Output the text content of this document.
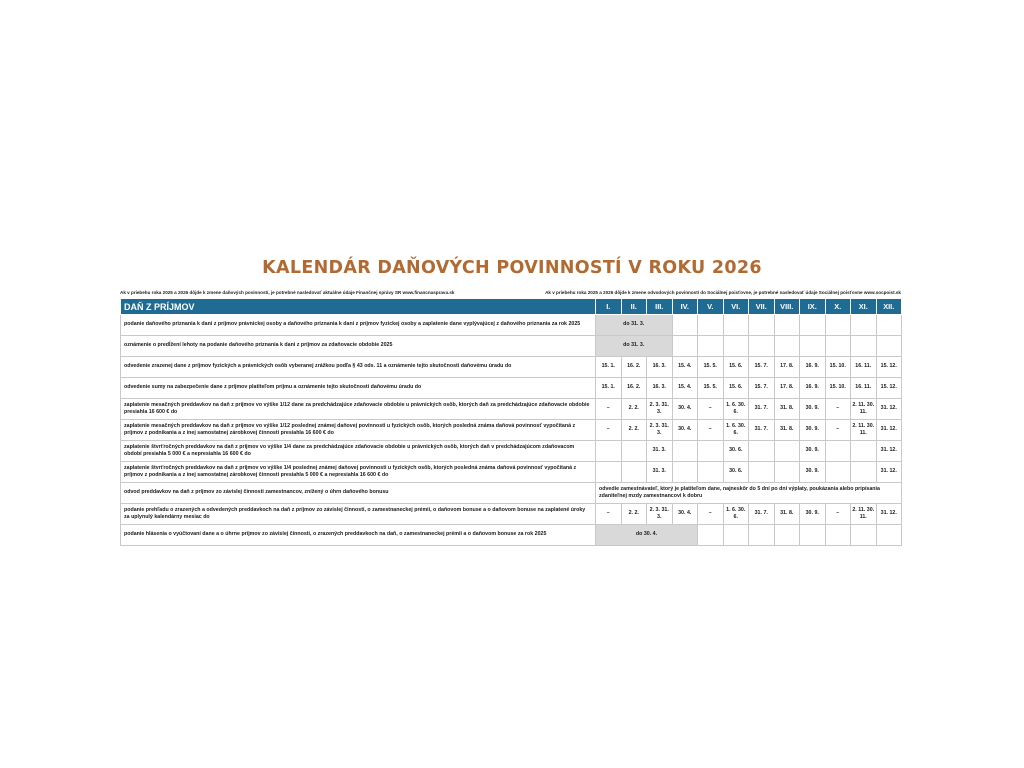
KALENDÁR DAŇOVÝCH POVINNOSTÍ V ROKU 2026
Ak v priebehu roka 2025 a 2026 dôjde k zmene daňových povinností, je potrebné nasledovať aktuálne údaje Finančnej správy SR www.financnasprava.sk	Ak v priebehu roka 2025 a 2026 dôjde k zmene odvodových povinností do Sociálnej poisťovne, je potrebné nasledovať údaje Sociálnej poisťovne www.socpoist.sk
DAŇ Z PRÍJMOV	I.	II.	III.	IV.	V.	VI.	VII.	VIII.	IX.	X.	XI.	XII.
podanie daňového priznania k dani z príjmov právnickej osoby a daňového priznania k dani z príjmov fyzickej osoby a zaplatenie dane vyplývajúcej z daňového priznania za rok 2025	do 31. 3.											
oznámenie o predĺžení lehoty na podanie daňového priznania k dani z príjmov za zdaňovacie obdobie 2025	do 31. 3.											
odvedenie zrazenej dane z príjmov fyzických a právnických osôb vyberanej zrážkou podľa § 43 ods. 11 a oznámenie tejto skutočnosti daňovému úradu do	15. 1.	16. 2.	16. 3.	15. 4.	15. 5.	15. 6.	15. 7.	17. 8.	16. 9.	15. 10.	16. 11.	15. 12.
odvedenie sumy na zabezpečenie dane z príjmov platiteľom príjmu a oznámenie tejto skutočnosti daňovému úradu do	15. 1.	16. 2.	16. 3.	15. 4.	15. 5.	15. 6.	15. 7.	17. 8.	16. 9.	15. 10.	16. 11.	15. 12.
zaplatenie mesačných preddavkov na daň z príjmov vo výške 1/12 dane za predchádzajúce zdaňovacie obdobie u právnických osôb, ktorých daň za predchádzajúce zdaňovacie obdobie presiahla 16 600 € do	–	2. 2.	2. 3. 31. 3.	30. 4.	–	1. 6. 30. 6.	31. 7.	31. 8.	30. 9.	–	2. 11. 30. 11.	31. 12.
zaplatenie mesačných preddavkov na daň z príjmov vo výške 1/12 poslednej známej daňovej povinnosti u fyzických osôb, ktorých posledná známa daňová povinnosť vypočítaná z príjmov z podnikania a z inej samostatnej zárobkovej činnosti presiahla 16 600 € do	–	2. 2.	2. 3. 31. 3.	30. 4.	–	1. 6. 30. 6.	31. 7.	31. 8.	30. 9.	–	2. 11. 30. 11.	31. 12.
zaplatenie štvrťročných preddavkov na daň z príjmov vo výške 1/4 dane za predchádzajúce zdaňovacie obdobie u právnických osôb, ktorých daň v predchádzajúcom zdaňovacom období presiahla 5 000 € a nepresiahla 16 600 € do			31. 3.			30. 6.			30. 9.			31. 12.
zaplatenie štvrťročných preddavkov na daň z príjmov vo výške 1/4 poslednej známej daňovej povinnosti u fyzických osôb, ktorých posledná známa daňová povinnosť vypočítaná z príjmov z podnikania a z inej samostatnej zárobkovej činnosti presiahla 5 000 € a nepresiahla 16 600 € do			31. 3.			30. 6.			30. 9.			31. 12.
odvod preddavkov na daň z príjmov zo závislej činnosti zamestnancov, znížený o úhrn daňového bonusu	odvedie zamestnávateľ, ktorý je platiteľom dane, najneskôr do 5 dní po dni výplaty, poukázania alebo pripísania zdaniteľnej mzdy zamestnancovi k dobru											
podanie prehľadu o zrazených a odvedených preddavkoch na daň z príjmov zo závislej činnosti, o zamestnaneckej prémii, o daňovom bonuse a o daňovom bonuse na zaplatené úroky za uplynulý kalendárny mesiac do	–	2. 2.	2. 3. 31. 3.	30. 4.	–	1. 6. 30. 6.	31. 7.	31. 8.	30. 9.	–	2. 11. 30. 11.	31. 12.
podanie hlásenia o vyúčtovaní dane a o úhrne príjmov zo závislej činnosti, o zrazených preddavkoch na daň, o zamestnaneckej prémii a o daňovom bonuse za rok 2025	do 30. 4.											
